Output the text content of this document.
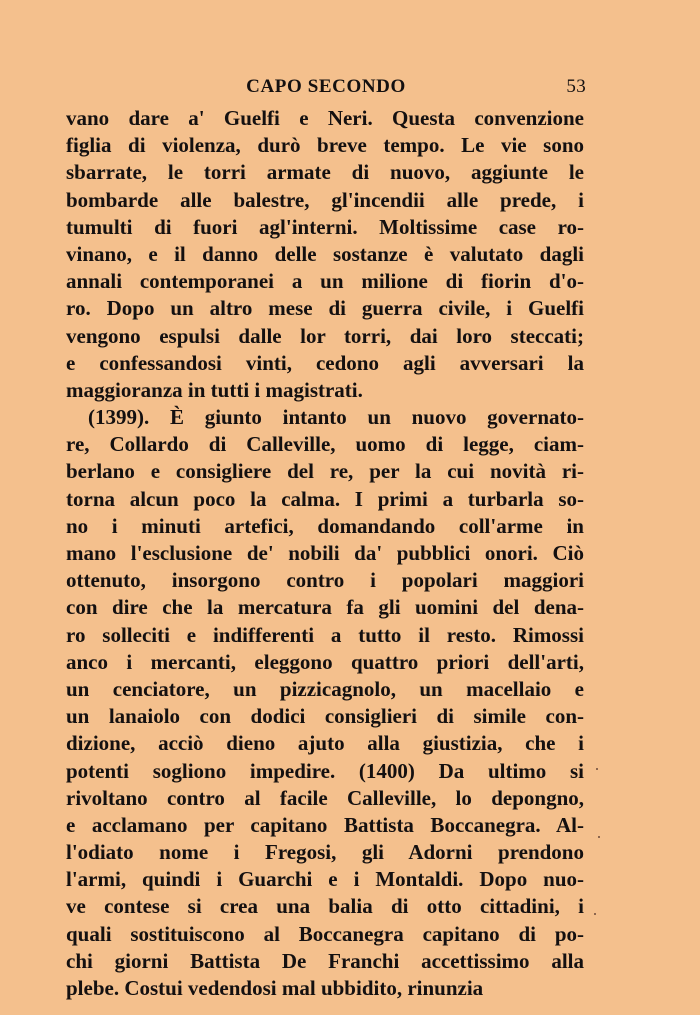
CAPO SECONDO	53
vano dare a' Guelfi e Neri. Questa convenzione
figlia di violenza, durò breve tempo. Le vie sono
sbarrate, le torri armate di nuovo, aggiunte le
bombarde alle balestre, gl'incendii alle prede, i
tumulti di fuori agl'interni. Moltissime case ro-
vinano, e il danno delle sostanze è valutato dagli
annali contemporanei a un milione di fiorin d'o-
ro. Dopo un altro mese di guerra civile, i Guelfi
vengono espulsi dalle lor torri, dai loro steccati;
e confessandosi vinti, cedono agli avversari la
maggioranza in tutti i magistrati.
(1399). È giunto intanto un nuovo governato-
re, Collardo di Calleville, uomo di legge, ciam-
berlano e consigliere del re, per la cui novità ri-
torna alcun poco la calma. I primi a turbarla so-
no i minuti artefici, domandando coll'arme in
mano l'esclusione de' nobili da' pubblici onori. Ciò
ottenuto, insorgono contro i popolari maggiori
con dire che la mercatura fa gli uomini del dena-
ro solleciti e indifferenti a tutto il resto. Rimossi
anco i mercanti, eleggono quattro priori dell'arti,
un cenciatore, un pizzicagnolo, un macellaio e
un lanaiolo con dodici consiglieri di simile con-
dizione, acciò dieno ajuto alla giustizia, che i
potenti sogliono impedire. (1400) Da ultimo si
rivoltano contro al facile Calleville, lo depongno,
e acclamano per capitano Battista Boccanegra. Al-
l'odiato nome i Fregosi, gli Adorni prendono
l'armi, quindi i Guarchi e i Montaldi. Dopo nuo-
ve contese si crea una balia di otto cittadini, i
quali sostituiscono al Boccanegra capitano di po-
chi giorni Battista De Franchi accettissimo alla
plebe. Costui vedendosi mal ubbidito, rinunzia
